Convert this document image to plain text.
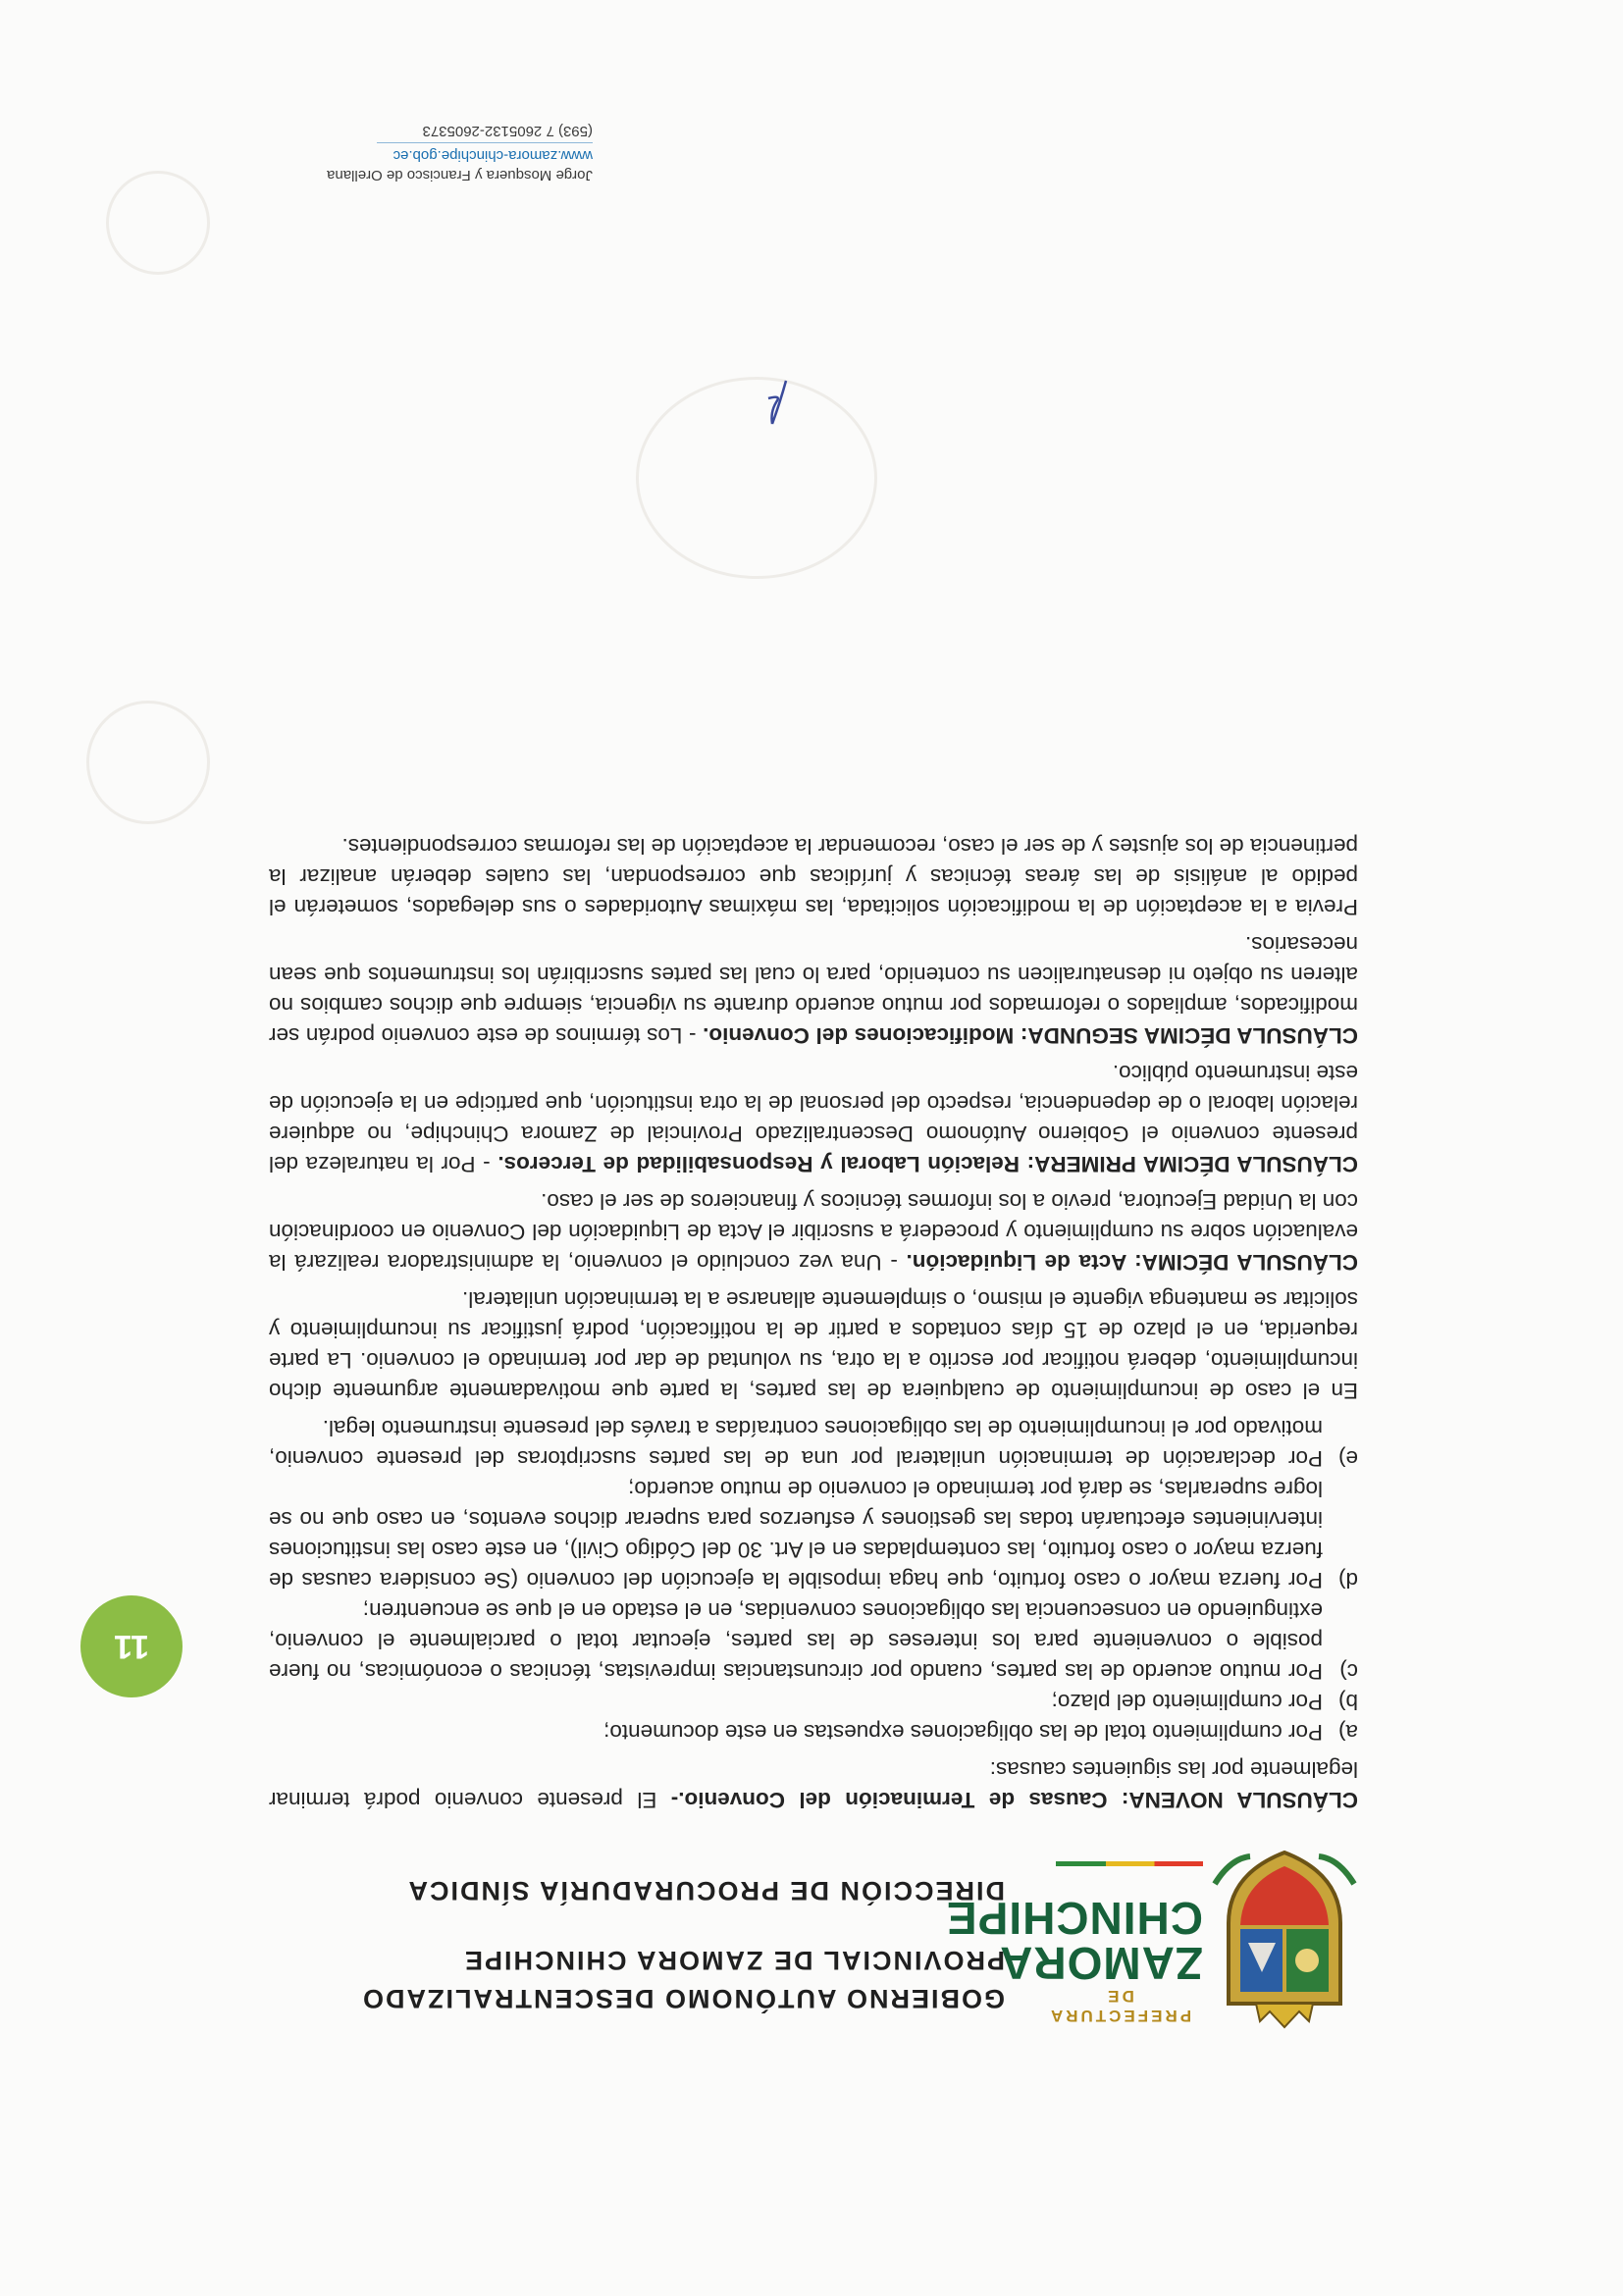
PREFECTURA DE
ZAMORA
CHINCHIPE
GOBIERNO AUTÓNOMO DESCENTRALIZADO
PROVINCIAL DE ZAMORA CHINCHIPE
DIRECCIÓN DE PROCURADURÍA SÍNDICA
11

CLÁUSULA NOVENA: Causas de Terminación del Convenio.- El presente convenio podrá terminar legalmente por las siguientes causas:

a)
Por cumplimiento total de las obligaciones expuestas en este documento;
b)
Por cumplimiento del plazo;
c)
Por mutuo acuerdo de las partes, cuando por circunstancias imprevistas, técnicas o económicas, no fuere posible o conveniente para los intereses de las partes, ejecutar total o parcialmente el convenio, extinguiendo en consecuencia las obligaciones convenidas, en el estado en el que se encuentren;
d)
Por fuerza mayor o caso fortuito, que haga imposible la ejecución del convenio (Se considera causas de fuerza mayor o caso fortuito, las contempladas en el Art. 30 del Código Civil), en este caso las instituciones intervinientes efectuarán todas las gestiones y esfuerzos para superar dichos eventos, en caso que no se logre superarlas, se dará por terminado el convenio de mutuo acuerdo;
e)
Por declaración de terminación unilateral por una de las partes suscriptoras del presente convenio, motivado por el incumplimiento de las obligaciones contraídas a través del presente instrumento legal.

En el caso de incumplimiento de cualquiera de las partes, la parte que motivadamente argumente dicho incumplimiento, deberá notificar por escrito a la otra, su voluntad de dar por terminado el convenio. La parte requerida, en el plazo de 15 días contados a partir de la notificación, podrá justificar su incumplimiento y solicitar se mantenga vigente el mismo, o simplemente allanarse a la terminación unilateral.

CLÁUSULA DÉCIMA: Acta de Liquidación. - Una vez concluido el convenio, la administradora realizará la evaluación sobre su cumplimiento y procederá a suscribir el Acta de Liquidación del Convenio en coordinación con la Unidad Ejecutora, previo a los informes técnicos y financieros de ser el caso.

CLÁUSULA DÉCIMA PRIMERA: Relación Laboral y Responsabilidad de Terceros. - Por la naturaleza del presente convenio el Gobierno Autónomo Descentralizado Provincial de Zamora Chinchipe, no adquiere relación laboral o de dependencia, respecto del personal de la otra institución, que participe en la ejecución de este instrumento público.

CLÁUSULA DÉCIMA SEGUNDA: Modificaciones del Convenio. - Los términos de este convenio podrán ser modificados, ampliados o reformados por mutuo acuerdo durante su vigencia, siempre que dichos cambios no alteren su objeto ni desnaturalicen su contenido, para lo cual las partes suscribirán los instrumentos que sean necesarios.

Previa a la aceptación de la modificación solicitada, las máximas Autoridades o sus delegados, someterán el pedido al análisis de las áreas técnicas y jurídicas que correspondan, las cuales deberán analizar la pertinencia de los ajustes y de ser el caso, recomendar la aceptación de las reformas correspondientes.

Jorge Mosquera y Francisco de Orellana
www.zamora-chinchipe.gob.ec
(593) 7 2605132-2605373
